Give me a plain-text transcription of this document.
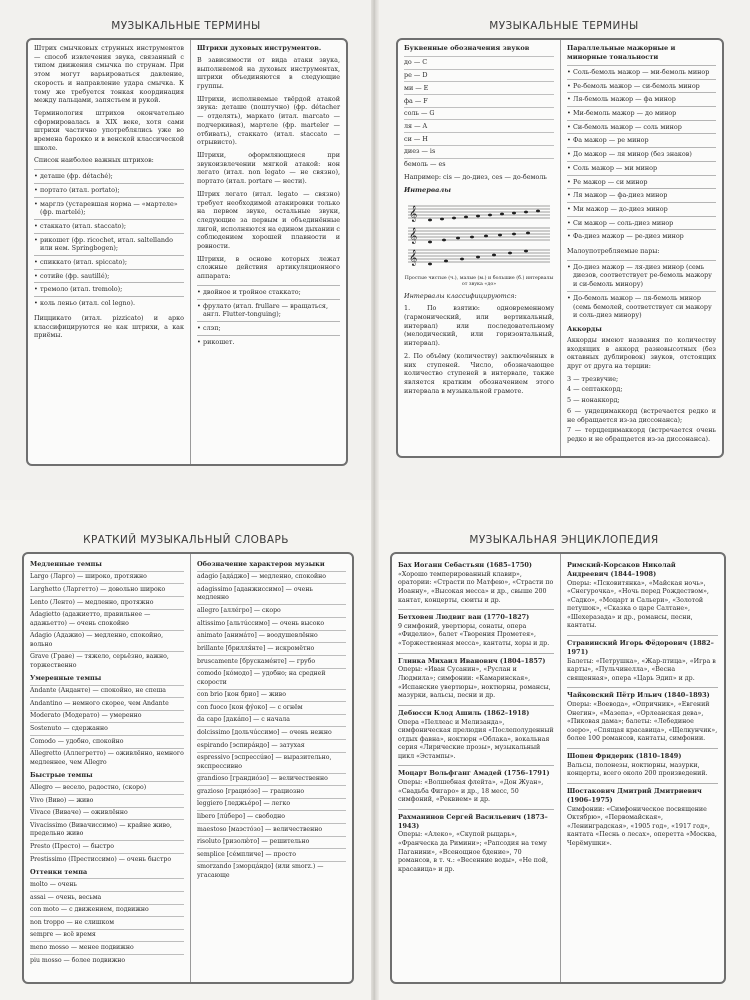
МУЗЫКАЛЬНЫЕ ТЕРМИНЫ

Штрих смычковых струнных инструментов — способ извлечения звука, связанный с типом движения смычка по струнам. При этом могут варьироваться давление, скорость и направление удара смычка. К тому же требуется тонкая координация между пальцами, запястьем и рукой.

Терминология штрихов окончательно сформировалась в XIX веке, хотя сами штрихи частично употреблялись уже во времена барокко и в венской классической школе.

Список наиболее важных штрихов:

• деташе (фр. détaché);
• портато (итал. portato);
• марглэ (устаревшая норма — «мартеле» (фр. martelé);
• стаккато (итал. staccato);
• рикошет (фр. ricochet, итал. saltellando или нем. Springbogen);
• спиккато (итал. spiccato);
• сотийе (фр. sautillé);
• тремоло (итал. tremolo);
• коль леньо (итал. col legno).

Пиццикато (итал. pizzicato) и арко классифицируются не как штрихи, а как приёмы.

Штрихи духовых инструментов.

В зависимости от вида атаки звука, выполняемой на духовых инструментах, штрихи объединяются в следующие группы.

Штрихи, исполняемые твёрдой атакой звука: деташе (поштучно) (фр. détacher — отделять), маркато (итал. marcato — подчеркивая), мартеле (фр. marteler — отбивать), стаккато (итал. staccato — отрывисто).

Штрихи, оформляющиеся при звукоизвлечении мягкой атакой: нон легато (итал. non legato — не связно), портато (итал. portare — нести).

Штрих легато (итал. legato — связно) требует необходимой атакировки только на первом звуке, остальные звуки, следующие за первым и объединённые лигой, исполняются на едином дыхании с соблюдением хорошей плавности и ровности.

Штрихи, в основе которых лежат сложные действия артикуляционного аппарата:

• двойное и тройное стаккато;
• фрулато (итал. frullare — вращаться, англ. Flutter-tonguing);
• слэп;
• рикошет.
МУЗЫКАЛЬНЫЕ ТЕРМИНЫ
Буквенные обозначения звуков
до — C
ре — D
ми — E
фа — F
соль — G
ля — A
си — H
диез — is
бемоль — es

Например: cis — до-диез, ces — до-бемоль

Интервалы
𝄞
𝄞
𝄞
Простые чистые (ч.), малые (м.) и большие (б.) интервалы от звука «до»

Интервалы классифицируются:

1. По взятию: одновременному (гармонический, или вертикальный, интервал) или последовательному (мелодический, или горизонтальный, интервал).

2. По объёму (количеству) заключённых в них ступеней. Число, обозначающее количество ступеней в интервале, также является кратким обозначением этого интервала в музыкальной грамоте.

Параллельные мажорные и минорные тональности
• Соль-бемоль мажор — ми-бемоль минор
• Ре-бемоль мажор — си-бемоль минор
• Ля-бемоль мажор — фа минор
• Ми-бемоль мажор — до минор
• Си-бемоль мажор — соль минор
• Фа мажор — ре минор
• До мажор — ля минор (без знаков)
• Соль мажор — ми минор
• Ре мажор — си минор
• Ля мажор — фа-диез минор
• Ми мажор — до-диез минор
• Си мажор — соль-диез минор
• Фа-диез мажор — ре-диез минор

Малоупотребляемые пары:

• До-диез мажор — ля-диез минор (семь диезов, соответствует ре-бемоль мажору и си-бемоль минору)
• До-бемоль мажор — ля-бемоль минор (семь бемолей, соответствует си мажору и соль-диез минору)
Аккорды

Аккорды имеют названия по количеству входящих в аккорд разновысотных (без октавных дублировок) звуков, отстоящих друг от друга на терции:

3 — трезвучие;

4 — септаккорд;

5 — нонаккорд;

6 — ундецимаккорд (встречается редко и не обращается из-за диссонанса);

7 — терцдецимаккорд (встречается очень редко и не обращается из-за диссонанса).

КРАТКИЙ МУЗЫКАЛЬНЫЙ СЛОВАРЬ
Медленные темпы
Largo (Ларго) — широко, протяжно
Larghetto (Ларгетто) — довольно широко
Lento (Ленто) — медленно, протяжно
Adagietto (адажиетто, правильнее — адажьетто) — очень спокойно
Adagio (Адажио) — медленно, спокойно, вольно
Grave (Граве) — тяжело, серьёзно, важно, торжественно
Умеренные темпы
Andante (Анданте) — спокойно, не спеша
Andantino — немного скорее, чем Andante
Moderato (Модерато) — умеренно
Sostenuto — сдержанно
Comodo — удобно, спокойно
Allegretto (Аллегретто) — оживлённо, немного медленнее, чем Allegro
Быстрые темпы
Allegro — весело, радостно, (скоро)
Vivo (Виво) — живо
Vivace (Виваче) — оживлённо
Vivacissimo (Вивачиссимо) — крайне живо, предельно живо
Presto (Престо) — быстро
Prestissimo (Престиссимо) — очень быстро
Оттенки темпа
molto — очень
assai — очень, весьма
con moto — с движением, подвижно
non troppo — не слишком
sempre — всё время
meno mosso — менее подвижно
piu mosso — более подвижно
Обозначение характеров музыки
adagio [адáджо] — медленно, спокойно
adagissimo [аданжиссимо] — очень медленно
allegro [аллéгро] — скоро
altissimo [альтúссимо] — очень высоко
animato [анимáто] — воодушевлённо
brillante [брилля́нте] — искромётно
bruscamente [брускамéнте] — грубо
comodo [кóмодо] — удобно; на средней скорости
con brio [кон брио] — живо
con fuoco [кон фýоко] — с огнём
da capo [дакáпо] — с начала
dolcissimo [дольчúссимо] — очень нежно
espirando [эспирáндо] — затухая
espressivo [эспрессúво] — выразительно, экспрессивно
grandioso [грандиóзо] — величественно
grazioso [грациóзо] — грациозно
leggiero [леджьéро] — легко
libero [лúберо] — свободно
maestoso [маэстóзо] — величественно
risoluto [ризолю́то] — решительно
semplice [сéмпличе] — просто
smorzando [зморцáндо] (или smorz.) — угасающе
МУЗЫКАЛЬНАЯ ЭНЦИКЛОПЕДИЯ
Бах Иоганн Себастьян (1685–1750)
«Хорошо темперированный клавир», оратории: «Страсти по Матфею», «Страсти по Иоанну», «Высокая месса» и др., свыше 200 кантат, концерты, сюиты и др.
Бетховен Людвиг ван (1770–1827)
9 симфоний, увертюры, сонаты, опера «Фиделио», балет «Творения Прометея», «Торжественная месса», кантаты, хоры и др.
Глинка Михаил Иванович (1804–1857)
Оперы: «Иван Сусанин», «Руслан и Людмила»; симфонии: «Камаринская», «Испанские увертюры», ноктюрны, романсы, мазурки, вальсы, песни и др.
Дебюсси Клод Ашиль (1862–1918)
Опера «Пеллеас и Мелизанда», симфоническая прелюдия «Послеполуденный отдых фавна», ноктюрн «Облака», вокальная серия «Лирические прозы», музыкальный цикл «Эстампы».
Моцарт Вольфганг Амадей (1756–1791)
Оперы: «Волшебная флейта», «Дон Жуан», «Свадьба Фигаро» и др., 18 месс, 50 симфоний, «Реквием» и др.
Рахманинов Сергей Васильевич (1873–1943)
Оперы: «Алеко», «Скупой рыцарь», «Франческа да Римини»; «Рапсодия на тему Паганини», «Всенощное бдение», 70 романсов, в т. ч.: «Весенние воды», «Не пой, красавица» и др.
Римский-Корсаков Николай Андреевич (1844–1908)
Оперы: «Псковитянка», «Майская ночь», «Снегурочка», «Ночь перед Рождеством», «Садко», «Моцарт и Сальери», «Золотой петушок», «Сказка о царе Салтане», «Шехеразада» и др., романсы, песни, кантаты.
Стравинский Игорь Фёдорович (1882–1971)
Балеты: «Петрушка», «Жар-птица», «Игра в карты», «Пульчинелла», «Весна священная», опера «Царь Эдип» и др.
Чайковский Пётр Ильич (1840–1893)
Оперы: «Воевода», «Опричник», «Евгений Онегин», «Мазепа», «Орлеанская дева», «Пиковая дама»; балеты: «Лебединое озеро», «Спящая красавица», «Щелкунчик», более 100 романсов, кантаты, симфонии.
Шопен Фридерик (1810–1849)
Вальсы, полонезы, ноктюрны, мазурки, концерты, всего около 200 произведений.
Шостакович Дмитрий Дмитриевич (1906–1975)
Симфонии: «Симфоническое посвящение Октябрю», «Первомайская», «Ленинградская», «1905 год», «1917 год», кантата «Песнь о лесах», оперетта «Москва, Черёмушки».
